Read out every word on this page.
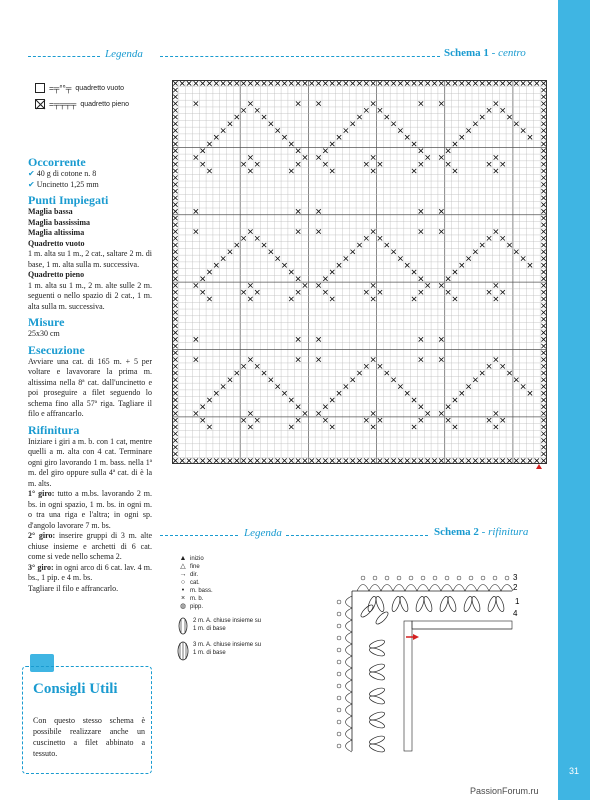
31
PassionForum.ru
Legenda	Schema 1 - centro
=╤°°╤ quadretto vuoto
=╤╤╤╤ quadretto pieno
Occorrente
✔ 40 g di cotone n. 8
✔ Uncinetto 1,25 mm
Punti Impiegati
Maglia bassa
Maglia bassissima
Maglia altissima
Quadretto vuoto
1 m. alta su 1 m., 2 cat., saltare 2 m. di base, 1 m. alta sulla m. successiva.
Quadretto pieno
1 m. alta su 1 m., 2 m. alte sulle 2 m. seguenti o nello spazio di 2 cat., 1 m. alta sulla m. successiva.
Misure
25x30 cm
Esecuzione
Avviare una cat. di 165 m. + 5 per voltare e lavavorare la prima m. altissima nella 8ª cat. dall'uncinetto e poi proseguire a filet seguendo lo schema fino alla 57ª riga. Tagliare il filo e affrancarlo.
Rifinitura
Iniziare i giri a m. b. con 1 cat, mentre quelli a m. alta con 4 cat. Terminare ogni giro lavorando 1 m. bass. nella 1ª m. del giro oppure sulla 4ª cat. di è la m. alts.
1° giro: tutto a m.bs. lavorando 2 m. bs. in ogni spazio, 1 m. bs. in ogni m. o tra una riga e l'altra; in ogni sp. d'angolo lavorare 7 m. bs.
2° giro: inserire gruppi di 3 m. alte chiuse insieme e archetti di 6 cat. come si vede nello schema 2.
3° giro: in ogni arco di 6 cat. lav. 4 m. bs., 1 pip. e 4 m. bs.
Tagliare il filo e affrancarlo.
Legenda	Schema 2 - rifinitura
▲ inizio
△ fine
→ dir.
○ cat.
• m. bass.
× m. b.
◍ pipp.
2 m. A. chiuse insieme su 1 m. di base
3 m. A. chiuse insieme su 1 m. di base
3
2
1
4
Consigli Utili
Con questo stesso schema è possibile realizzare anche un cuscinetto a filet abbinato a tessuto.
